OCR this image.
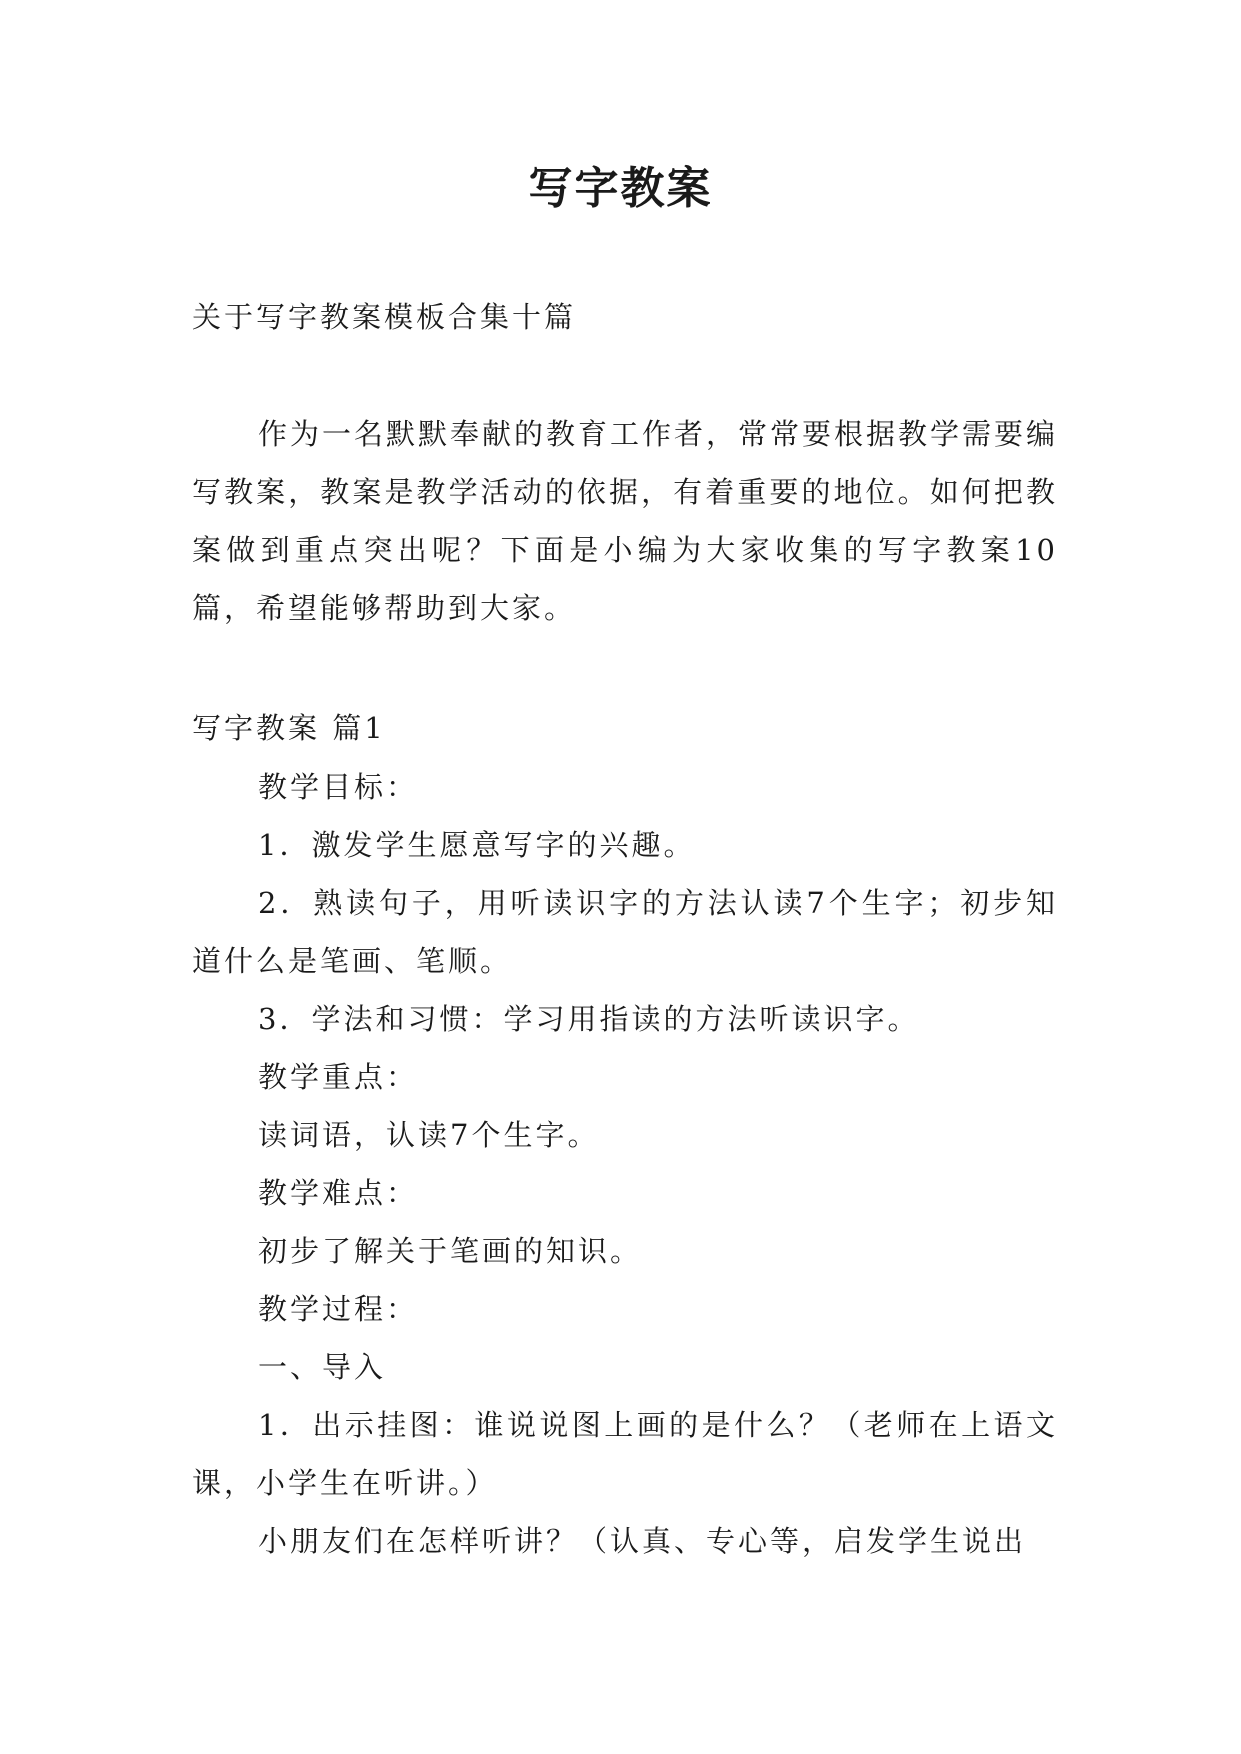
写字教案

关于写字教案模板合集十篇

作为一名默默奉献的教育工作者，常常要根据教学需要编写教案，教案是教学活动的依据，有着重要的地位。如何把教案做到重点突出呢？下面是小编为大家收集的写字教案10篇，希望能够帮助到大家。

写字教案 篇1

教学目标：

1．激发学生愿意写字的兴趣。

2．熟读句子，用听读识字的方法认读7个生字；初步知道什么是笔画、笔顺。

3．学法和习惯：学习用指读的方法听读识字。

教学重点：

读词语，认读7个生字。

教学难点：

初步了解关于笔画的知识。

教学过程：

一、导入

1．出示挂图：谁说说图上画的是什么？（老师在上语文课，小学生在听讲。）

小朋友们在怎样听讲？（认真、专心等，启发学生说出
